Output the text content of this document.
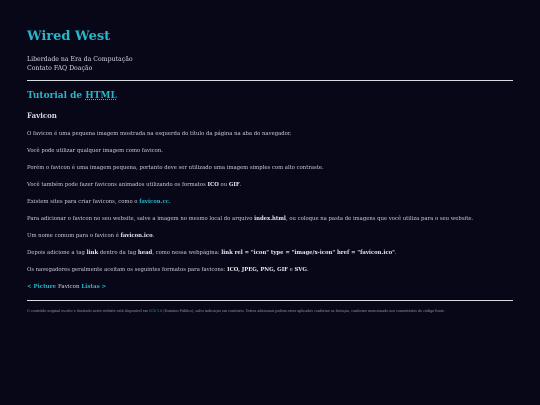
Wired West
Liberdade na Era da Computação
Contato FAQ Doação
Tutorial de HTML
Favicon

O favicon é uma pequena imagem mostrada na esquerda do título da página na aba do navegador.

Você pode utilizar qualquer imagem como favicon.

Porém o favicon é uma imagem pequena, portanto deve ser utilizado uma imagem simples com alto contraste.

Você também pode fazer favicons animados utilizando os formatos ICO ou GIF.

Existem sites para criar favicons, como o favicon.cc.

Para adicionar o favicon no seu website, salve a imagem no mesmo local do arquivo index.html, ou coloque na pasta de imagens que você utiliza para o seu website.

Um nome comum para o favicon é favicon.ico.

Depois adicione a tag link dentro da tag head, como nessa webpágina: link rel = "icon" type = "image/x-icon" href = "favicon.ico".

Os navegadores geralmente aceitam os seguintes formatos para favicons: ICO, JPEG, PNG, GIF e SVG.

< Picture Favicon Listas >
O conteúdo original escrito e ilustrado neste website está disponível em CC0 1.0 (Domínio Público), salvo indicação em contrário. Textos adicionais podem estar aplicados conforme as licenças, conforme mencionado nos comentários do código-fonte.
